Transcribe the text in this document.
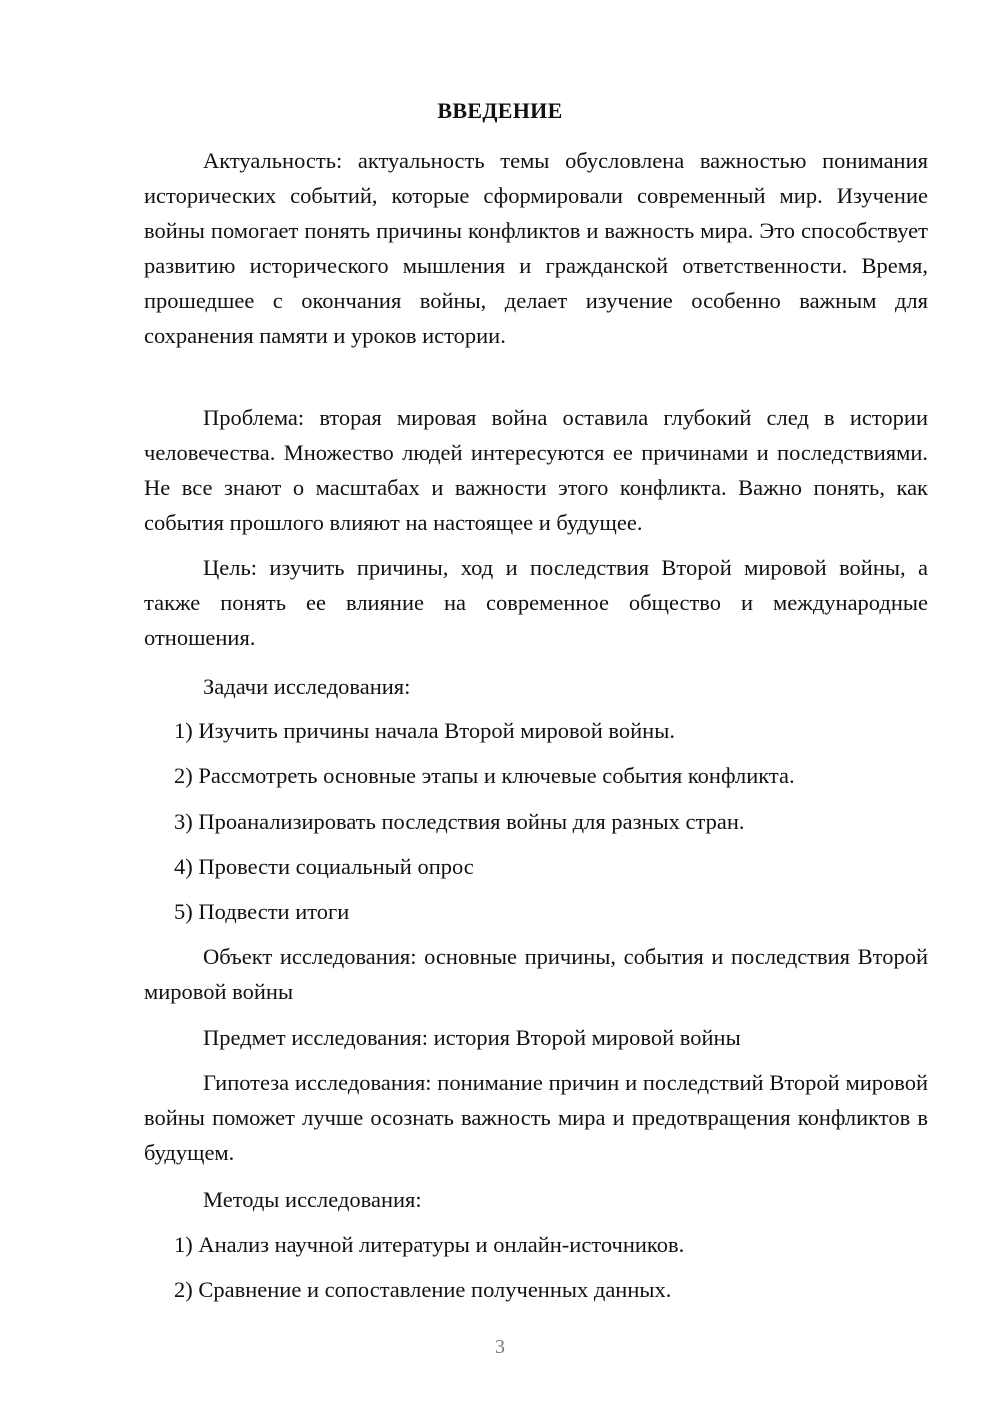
ВВЕДЕНИЕ

Актуальность: актуальность темы обусловлена важностью понимания исторических событий, которые сформировали современный мир. Изучение войны помогает понять причины конфликтов и важность мира. Это способствует развитию исторического мышления и гражданской ответственности. Время, прошедшее с окончания войны, делает изучение особенно важным для сохранения памяти и уроков истории.

Проблема: вторая мировая война оставила глубокий след в истории человечества. Множество людей интересуются ее причинами и последствиями. Не все знают о масштабах и важности этого конфликта. Важно понять, как события прошлого влияют на настоящее и будущее.

Цель: изучить причины, ход и последствия Второй мировой войны, а также понять ее влияние на современное общество и международные отношения.

Задачи исследования:

1) Изучить причины начала Второй мировой войны.

2) Рассмотреть основные этапы и ключевые события конфликта.

3) Проанализировать последствия войны для разных стран.

4) Провести социальный опрос

5) Подвести итоги

Объект исследования: основные причины, события и последствия Второй мировой войны

Предмет исследования: история Второй мировой войны

Гипотеза исследования: понимание причин и последствий Второй мировой войны поможет лучше осознать важность мира и предотвращения конфликтов в будущем.

Методы исследования:

1) Анализ научной литературы и онлайн-источников.

2) Сравнение и сопоставление полученных данных.

3
